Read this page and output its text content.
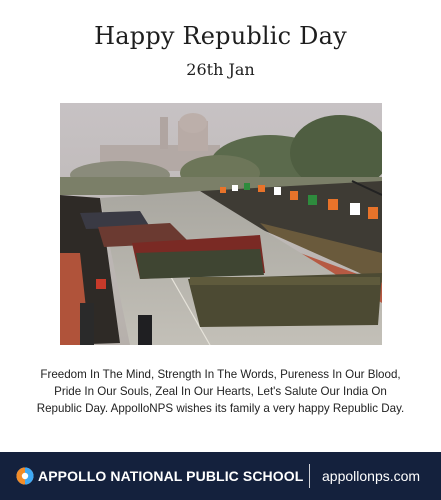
Happy Republic Day
26th Jan
Freedom In The Mind, Strength In The Words, Pureness In Our Blood,
Pride In Our Souls, Zeal In Our Hearts, Let's Salute Our India On
Republic Day. AppolloNPS wishes its family a very happy Republic Day.
APPOLLO NATIONAL PUBLIC SCHOOL appollonps.com
